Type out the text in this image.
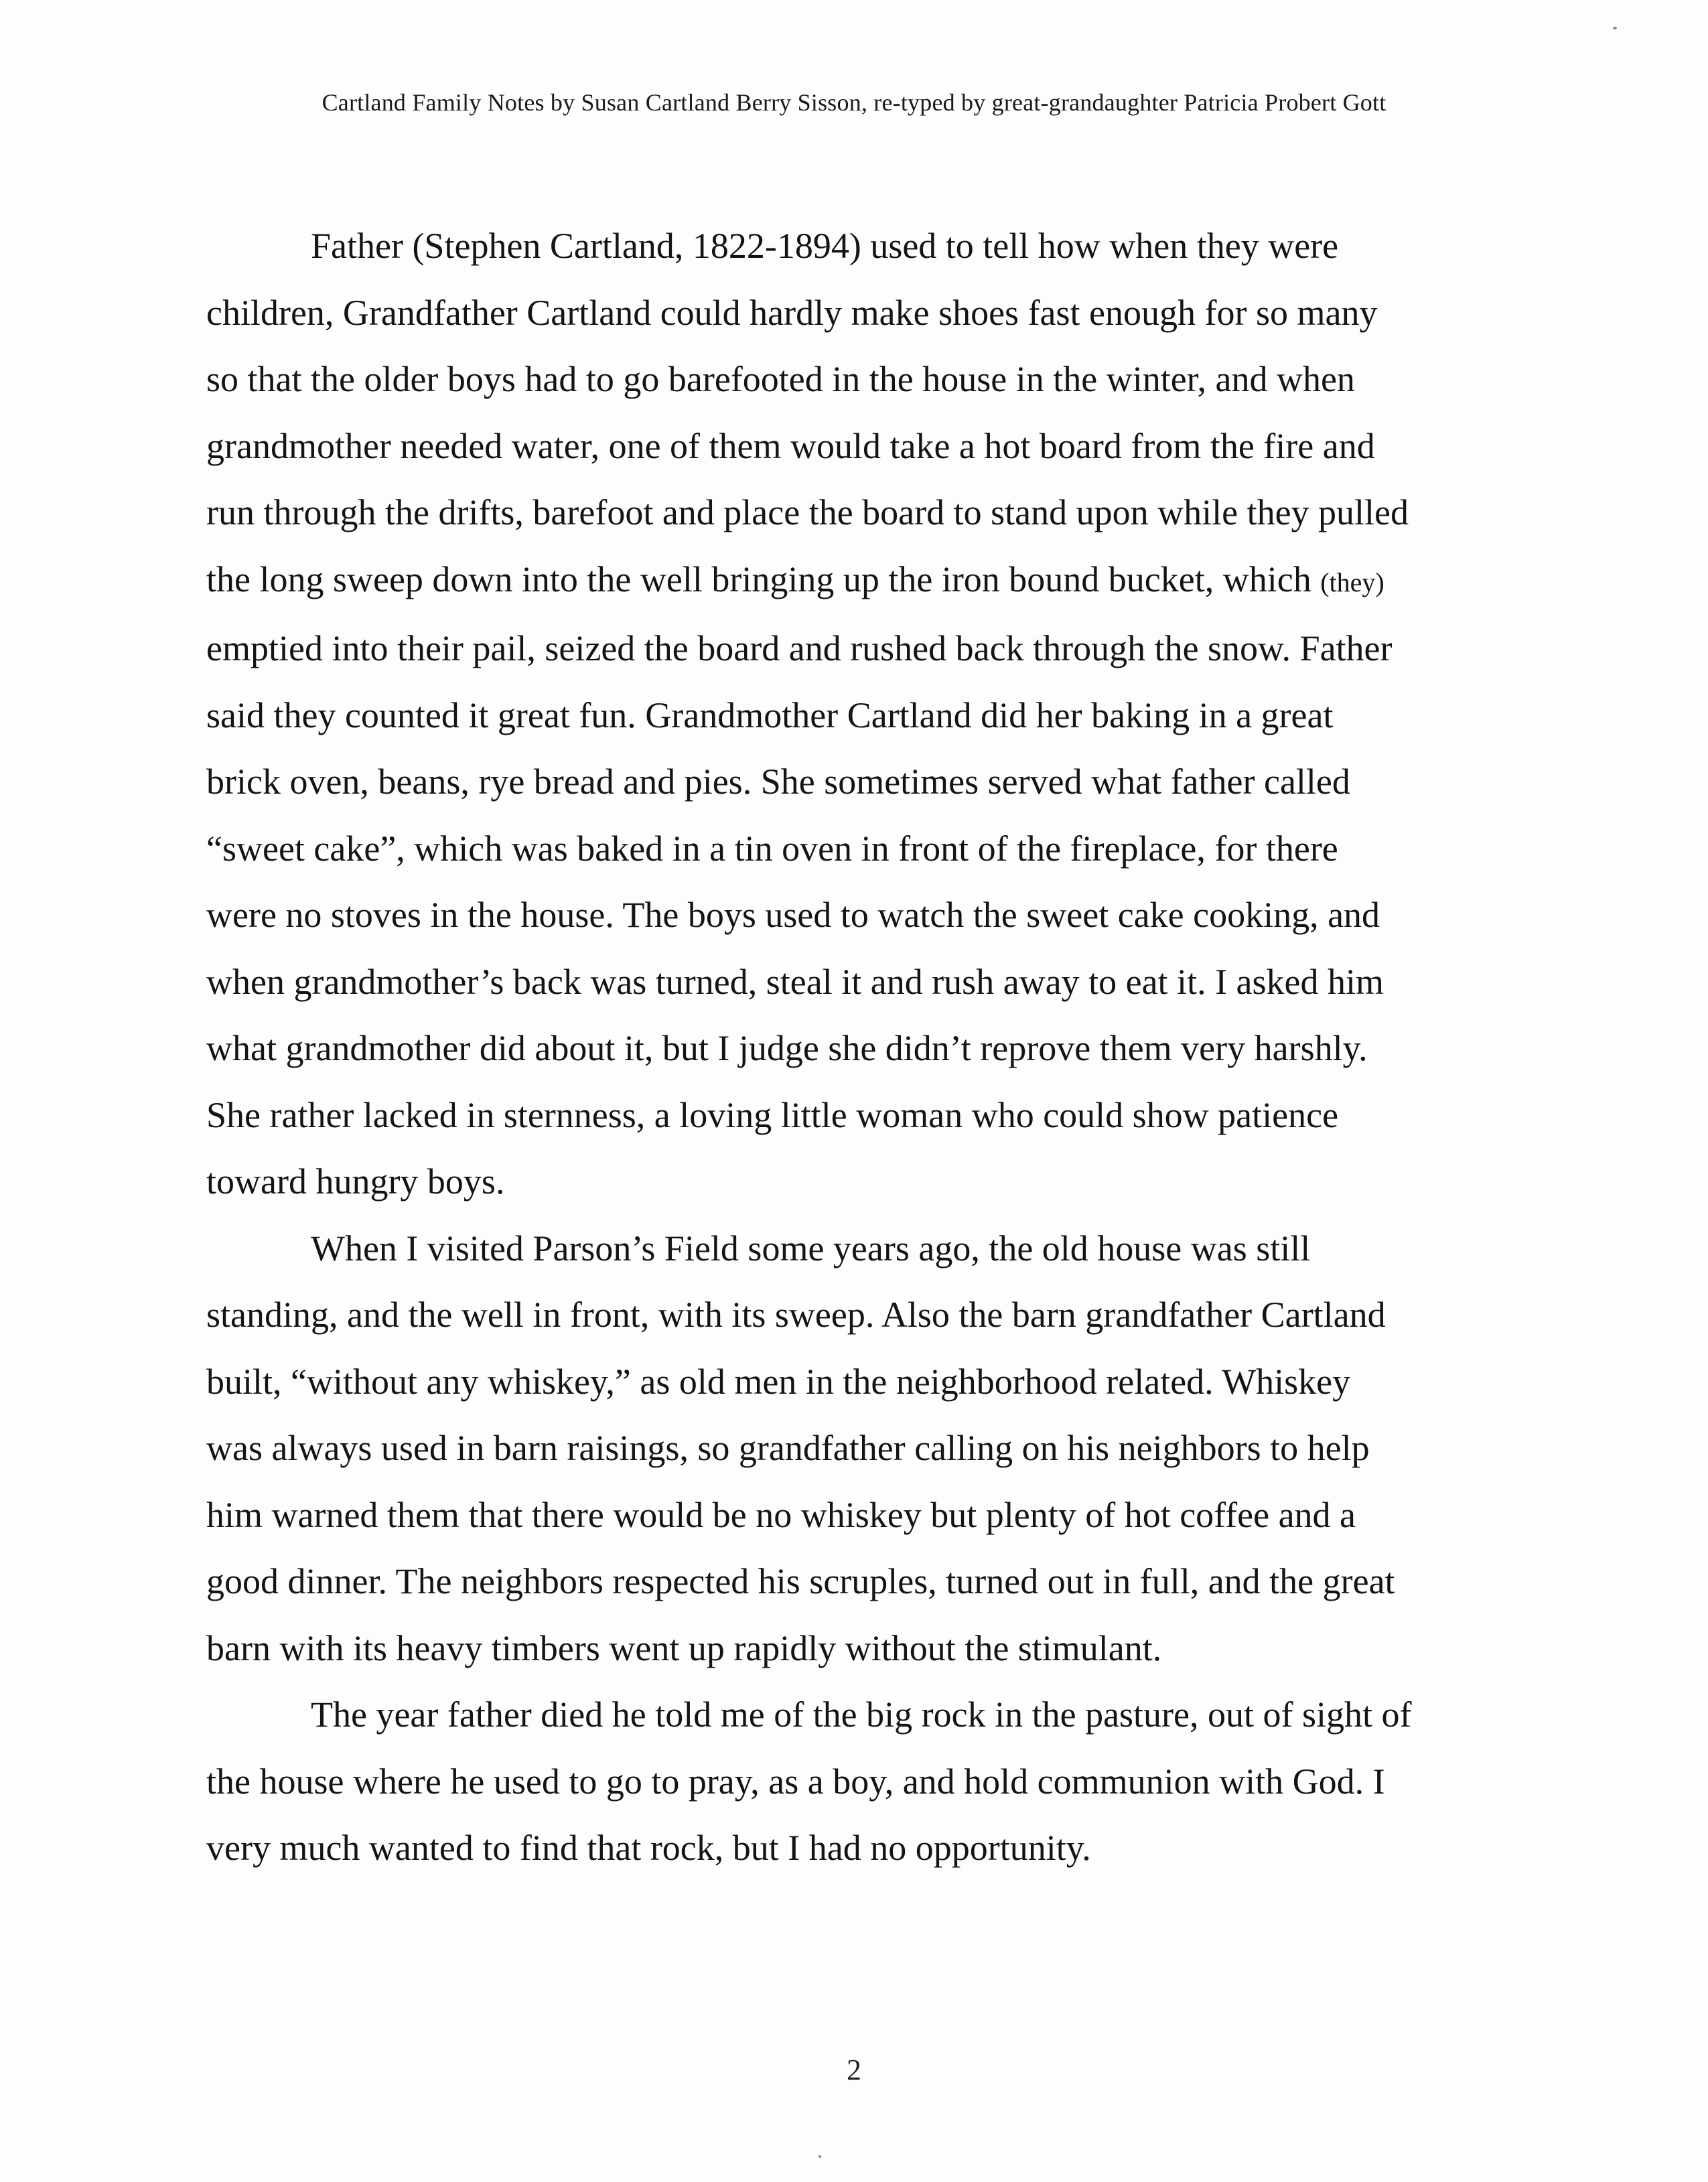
Cartland Family Notes by Susan Cartland Berry Sisson, re-typed by great-grandaughter Patricia Probert Gott
Father (Stephen Cartland, 1822-1894) used to tell how when they were
children, Grandfather Cartland could hardly make shoes fast enough for so many
so that the older boys had to go barefooted in the house in the winter, and when
grandmother needed water, one of them would take a hot board from the fire and
run through the drifts, barefoot and place the board to stand upon while they pulled
the long sweep down into the well bringing up the iron bound bucket, which (they)
emptied into their pail, seized the board and rushed back through the snow. Father
said they counted it great fun. Grandmother Cartland did her baking in a great
brick oven, beans, rye bread and pies. She sometimes served what father called
“sweet cake”, which was baked in a tin oven in front of the fireplace, for there
were no stoves in the house. The boys used to watch the sweet cake cooking, and
when grandmother’s back was turned, steal it and rush away to eat it. I asked him
what grandmother did about it, but I judge she didn’t reprove them very harshly.
She rather lacked in sternness, a loving little woman who could show patience
toward hungry boys.
When I visited Parson’s Field some years ago, the old house was still
standing, and the well in front, with its sweep. Also the barn grandfather Cartland
built, “without any whiskey,” as old men in the neighborhood related. Whiskey
was always used in barn raisings, so grandfather calling on his neighbors to help
him warned them that there would be no whiskey but plenty of hot coffee and a
good dinner. The neighbors respected his scruples, turned out in full, and the great
barn with its heavy timbers went up rapidly without the stimulant.
The year father died he told me of the big rock in the pasture, out of sight of
the house where he used to go to pray, as a boy, and hold communion with God. I
very much wanted to find that rock, but I had no opportunity.
2
